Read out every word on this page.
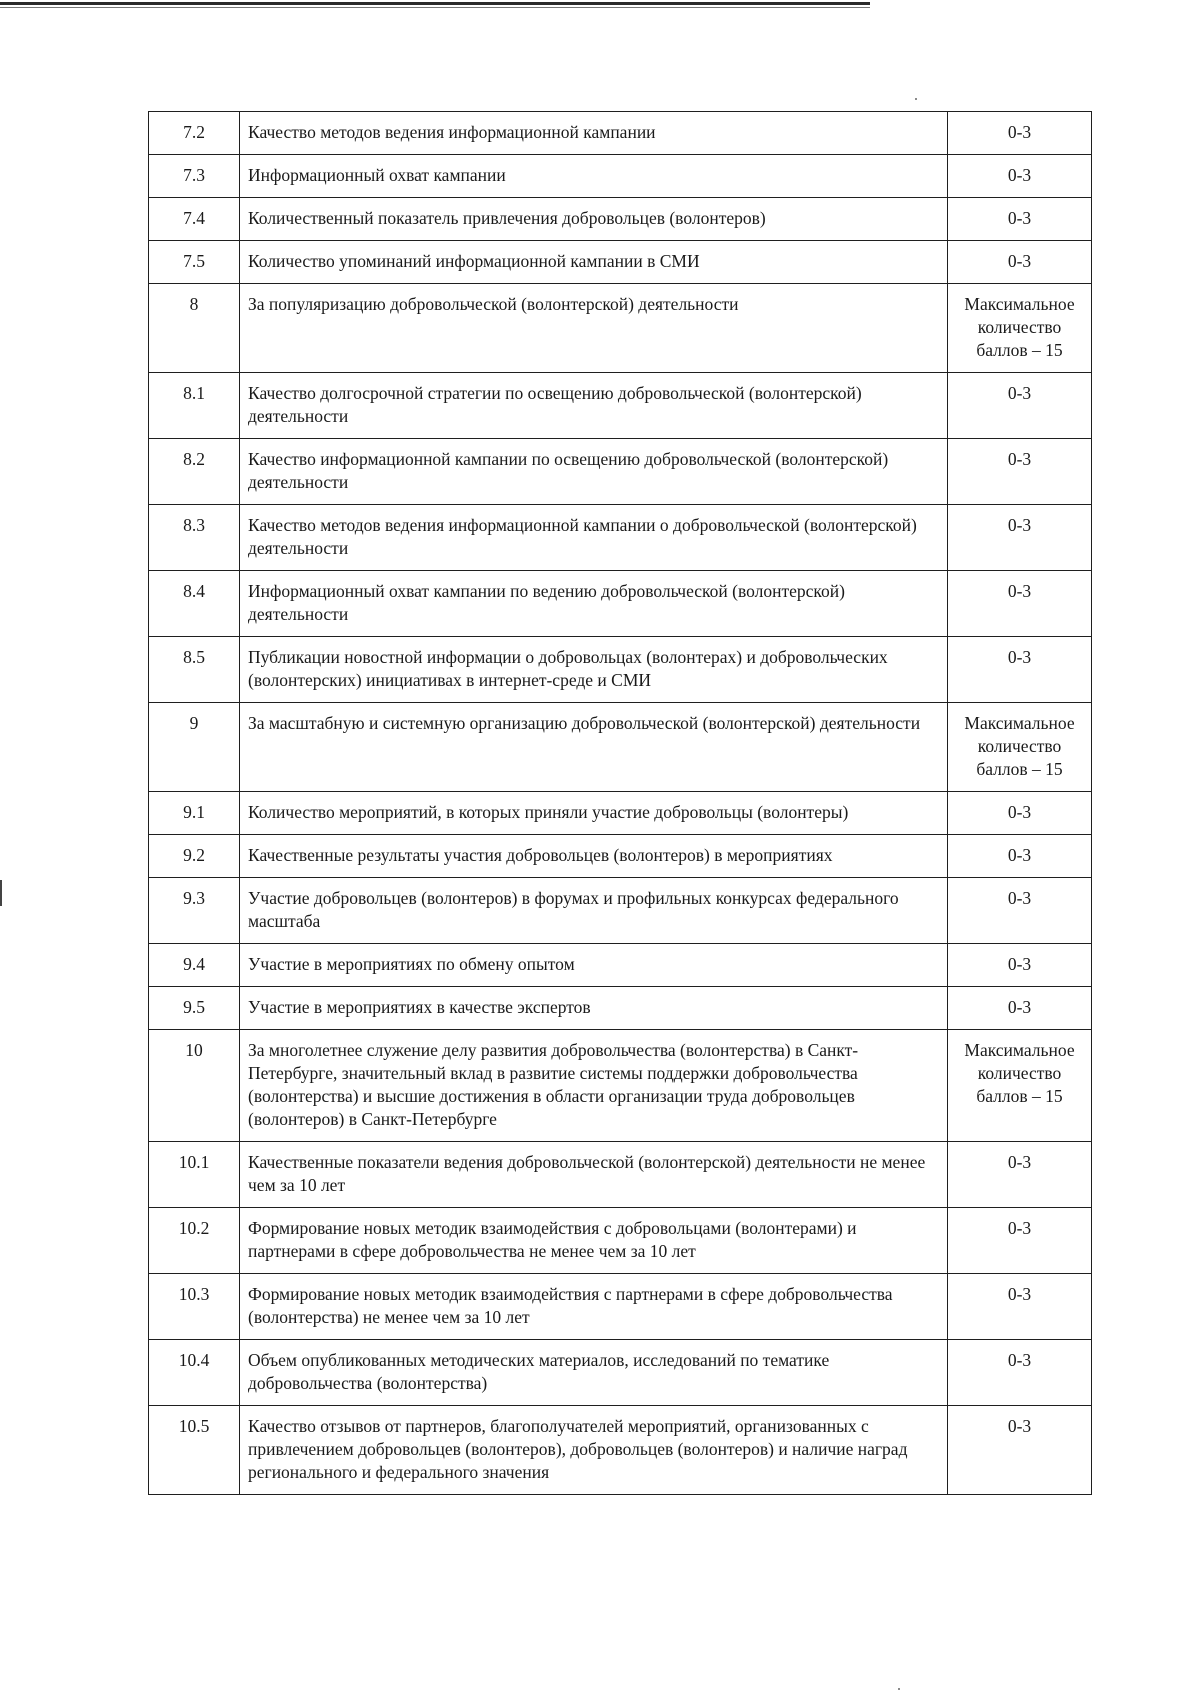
7.2	Качество методов ведения информационной кампании	0-3
7.3	Информационный охват кампании	0-3
7.4	Количественный показатель привлечения добровольцев (волонтеров)	0-3
7.5	Количество упоминаний информационной кампании в СМИ	0-3
8	За популяризацию добровольческой (волонтерской) деятельности	Максимальное количество баллов – 15
8.1	Качество долгосрочной стратегии по освещению добровольческой (волонтерской) деятельности	0-3
8.2	Качество информационной кампании по освещению добровольческой (волонтерской) деятельности	0-3
8.3	Качество методов ведения информационной кампании о добровольческой (волонтерской) деятельности	0-3
8.4	Информационный охват кампании по ведению добровольческой (волонтерской) деятельности	0-3
8.5	Публикации новостной информации о добровольцах (волонтерах) и добровольческих (волонтерских) инициативах в интернет-среде и СМИ	0-3
9	За масштабную и системную организацию добровольческой (волонтерской) деятельности	Максимальное количество баллов – 15
9.1	Количество мероприятий, в которых приняли участие добровольцы (волонтеры)	0-3
9.2	Качественные результаты участия добровольцев (волонтеров) в мероприятиях	0-3
9.3	Участие добровольцев (волонтеров) в форумах и профильных конкурсах федерального масштаба	0-3
9.4	Участие в мероприятиях по обмену опытом	0-3
9.5	Участие в мероприятиях в качестве экспертов	0-3
10	За многолетнее служение делу развития добровольчества (волонтерства) в Санкт-Петербурге, значительный вклад в развитие системы поддержки добровольчества (волонтерства) и высшие достижения в области организации труда добровольцев (волонтеров) в Санкт-Петербурге	Максимальное количество баллов – 15
10.1	Качественные показатели ведения добровольческой (волонтерской) деятельности не менее чем за 10 лет	0-3
10.2	Формирование новых методик взаимодействия с добровольцами (волонтерами) и партнерами в сфере добровольчества не менее чем за 10 лет	0-3
10.3	Формирование новых методик взаимодействия с партнерами в сфере добровольчества (волонтерства) не менее чем за 10 лет	0-3
10.4	Объем опубликованных методических материалов, исследований по тематике добровольчества (волонтерства)	0-3
10.5	Качество отзывов от партнеров, благополучателей мероприятий, организованных с привлечением добровольцев (волонтеров), добровольцев (волонтеров) и наличие наград регионального и федерального значения	0-3
